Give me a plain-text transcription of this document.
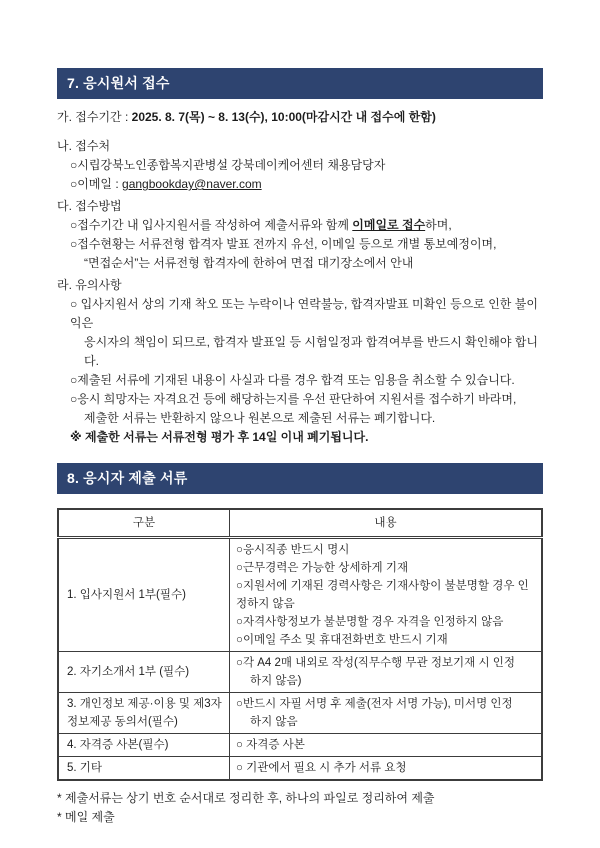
7. 응시원서 접수
가. 접수기간 : 2025. 8. 7(목) ~ 8. 13(수), 10:00(마감시간 내 접수에 한함)
나. 접수처
○시립강북노인종합복지관병설 강북데이케어센터 채용담당자
○이메일 : gangbookday@naver.com
다. 접수방법
○접수기간 내 입사지원서를 작성하여 제출서류와 함께 이메일로 접수하며,
○접수현황는 서류전형 합격자 발표 전까지 유선, 이메일 등으로 개별 통보예정이며,
“면접순서”는 서류전형 합격자에 한하여 면접 대기장소에서 안내
라. 유의사항
○ 입사지원서 상의 기재 착오 또는 누락이나 연락불능, 합격자발표 미확인 등으로 인한 불이익은
응시자의 책임이 되므로, 합격자 발표일 등 시험일정과 합격여부를 반드시 확인해야 합니다.
○제출된 서류에 기재된 내용이 사실과 다를 경우 합격 또는 임용을 취소할 수 있습니다.
○응시 희망자는 자격요건 등에 해당하는지를 우선 판단하여 지원서를 접수하기 바라며,
제출한 서류는 반환하지 않으나 원본으로 제출된 서류는 폐기합니다.
※ 제출한 서류는 서류전형 평가 후 14일 이내 폐기됩니다.
8. 응시자 제출 서류
구분	내용
1. 입사지원서 1부(필수)	○응시직종 반드시 명시
○근무경력은 가능한 상세하게 기재
○지원서에 기재된 경력사항은 기재사항이 불분명할 경우 인정하지 않음
○자격사항정보가 불분명할 경우 자격을 인정하지 않음
○이메일 주소 및 휴대전화번호 반드시 기재

2. 자기소개서 1부 (필수)	○각 A4 2매 내외로 작성(직무수행 무관 정보기재 시 인정
하지 않음)

3. 개인정보 제공·이용 및 제3자 정보제공 동의서(필수)	○반드시 자필 서명 후 제출(전자 서명 가능), 미서명 인정
하지 않음

4. 자격증 사본(필수)	○ 자격증 사본

5. 기타	○ 기관에서 필요 시 추가 서류 요청
* 제출서류는 상기 번호 순서대로 정리한 후, 하나의 파일로 정리하여 제출
* 메일 제출
